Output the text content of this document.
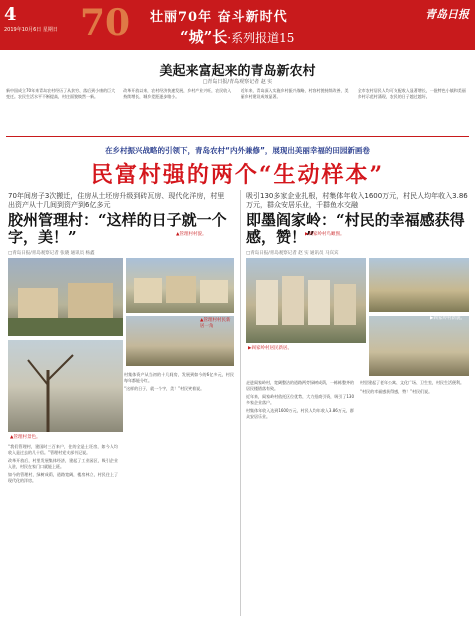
4
2019年10月6日 星期日 70 壮丽70年 奋斗新时代
“城”长·系列报道15
青岛日报
美起来富起来的青岛新农村
□青岛日报/青岛观察记者 赵 实
新中国成立70年来青岛农村经历了从贫穷、落后到小康的巨大变迁。农民生活水平不断提高，村庄面貌焕然一新。
改革开放以来，农村经济快速发展，乡村产业兴旺，农民收入持续增长，城乡差距逐步缩小。
近年来，青岛深入实施乡村振兴战略，村容村貌持续改善，美丽乡村建设成效显著。
全市农村居民人均可支配收入显著增长，一批特色小镇和美丽乡村示范村涌现，农民的日子越过越好。
在乡村振兴战略的引领下，青岛农村“内外兼修”，展现出美丽幸福的田园新画卷
民富村强的两个“生动样本”
70年间房子3次搬迁，住房从土坯房升级到砖瓦房、现代化洋房，村里出资产从十几间到资产到6亿多元
胶州管理村：“这样的日子就一个字，美！”
□青岛日报/青岛观察记者 张晓 通讯员 杨鑫
吸引130多家企业扎根，村集体年收入1600万元，村民人均年收入3.86万元，群众安居乐业，千群鱼水交融
即墨阎家岭：“村民的幸福感获得感，赞！”
□青岛日报/青岛观察记者 赵 实 通讯员 马宾宾
▲管理村村貌。
▲管理村村民新居一角
▲管理村景色。

“我们管理村，建国时三百来户，住的全是土坯房，如今人均收入是过去的几十倍。”管理村党支部书记说。

改革开放后，村里发展集体经济，建起了工业园区，吸引企业入驻，村民在家门口就能上班。

如今的管理村，绿树成荫，道路宽阔，楼房林立，村民住上了现代化的洋房。

村集体资产从当初的十几间房，发展到如今的6亿多元，村民每年都能分红。

“这样的日子，就一个字，美！”村民笑着说。

▶阎家岭村鸟瞰图。
▶阎家岭村居民新居。
▶阎家岭村新貌。

走进阎家岭村，宽阔整洁的道路两旁绿树成荫，一栋栋整齐的居民楼错落有致。

近年来，阎家岭村依托区位优势，大力招商引资，吸引了130多家企业落户。

村集体年收入达到1600万元，村民人均年收入3.86万元，群众安居乐业。

村里建起了老年公寓、文化广场、卫生室，村民生活便利。

“村民的幸福感获得感，赞！”村民们说。
